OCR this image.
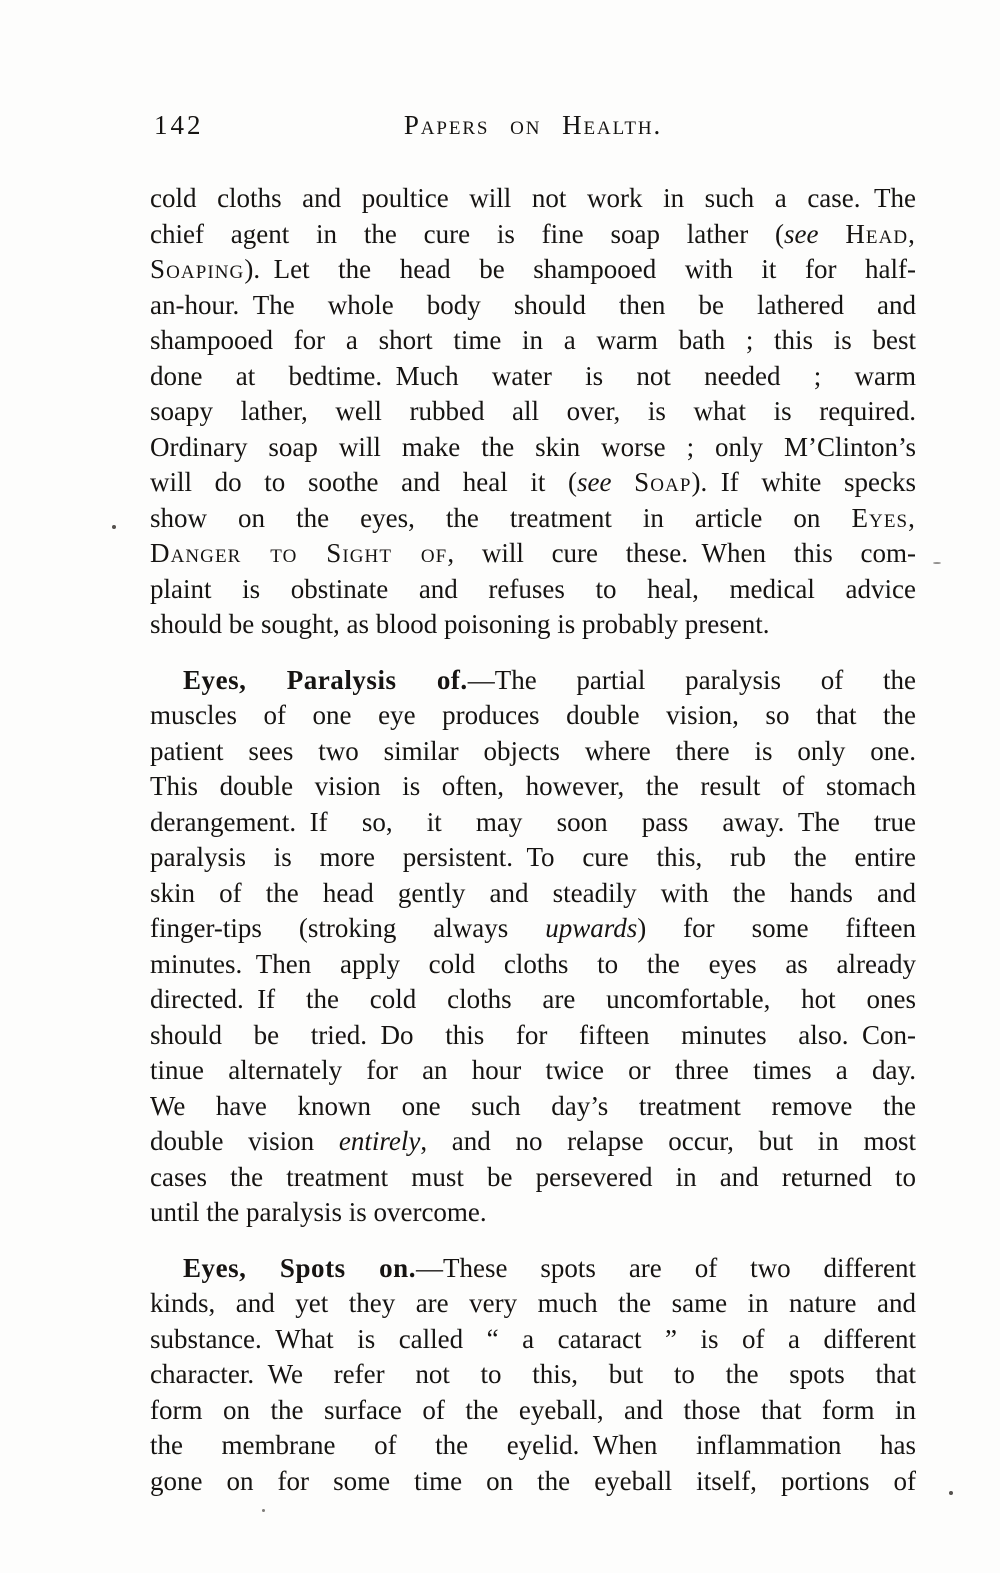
142	Papers on Health.
cold cloths and poultice will not work in such a case. The
chief agent in the cure is fine soap lather (see Head,
Soaping). Let the head be shampooed with it for half-
an-hour. The whole body should then be lathered and
shampooed for a short time in a warm bath ; this is best
done at bedtime. Much water is not needed ; warm
soapy lather, well rubbed all over, is what is required.
Ordinary soap will make the skin worse ; only M’Clinton’s
will do to soothe and heal it (see Soap). If white specks
show on the eyes, the treatment in article on Eyes,
Danger to Sight of, will cure these. When this com-
plaint is obstinate and refuses to heal, medical advice
should be sought, as blood poisoning is probably present.
Eyes, Paralysis of.—The partial paralysis of the
muscles of one eye produces double vision, so that the
patient sees two similar objects where there is only one.
This double vision is often, however, the result of stomach
derangement. If so, it may soon pass away. The true
paralysis is more persistent. To cure this, rub the entire
skin of the head gently and steadily with the hands and
finger-tips (stroking always upwards) for some fifteen
minutes. Then apply cold cloths to the eyes as already
directed. If the cold cloths are uncomfortable, hot ones
should be tried. Do this for fifteen minutes also. Con-
tinue alternately for an hour twice or three times a day.
We have known one such day’s treatment remove the
double vision entirely, and no relapse occur, but in most
cases the treatment must be persevered in and returned to
until the paralysis is overcome.
Eyes, Spots on.—These spots are of two different
kinds, and yet they are very much the same in nature and
substance. What is called “ a cataract ” is of a different
character. We refer not to this, but to the spots that
form on the surface of the eyeball, and those that form in
the membrane of the eyelid. When inflammation has
gone on for some time on the eyeball itself, portions of
